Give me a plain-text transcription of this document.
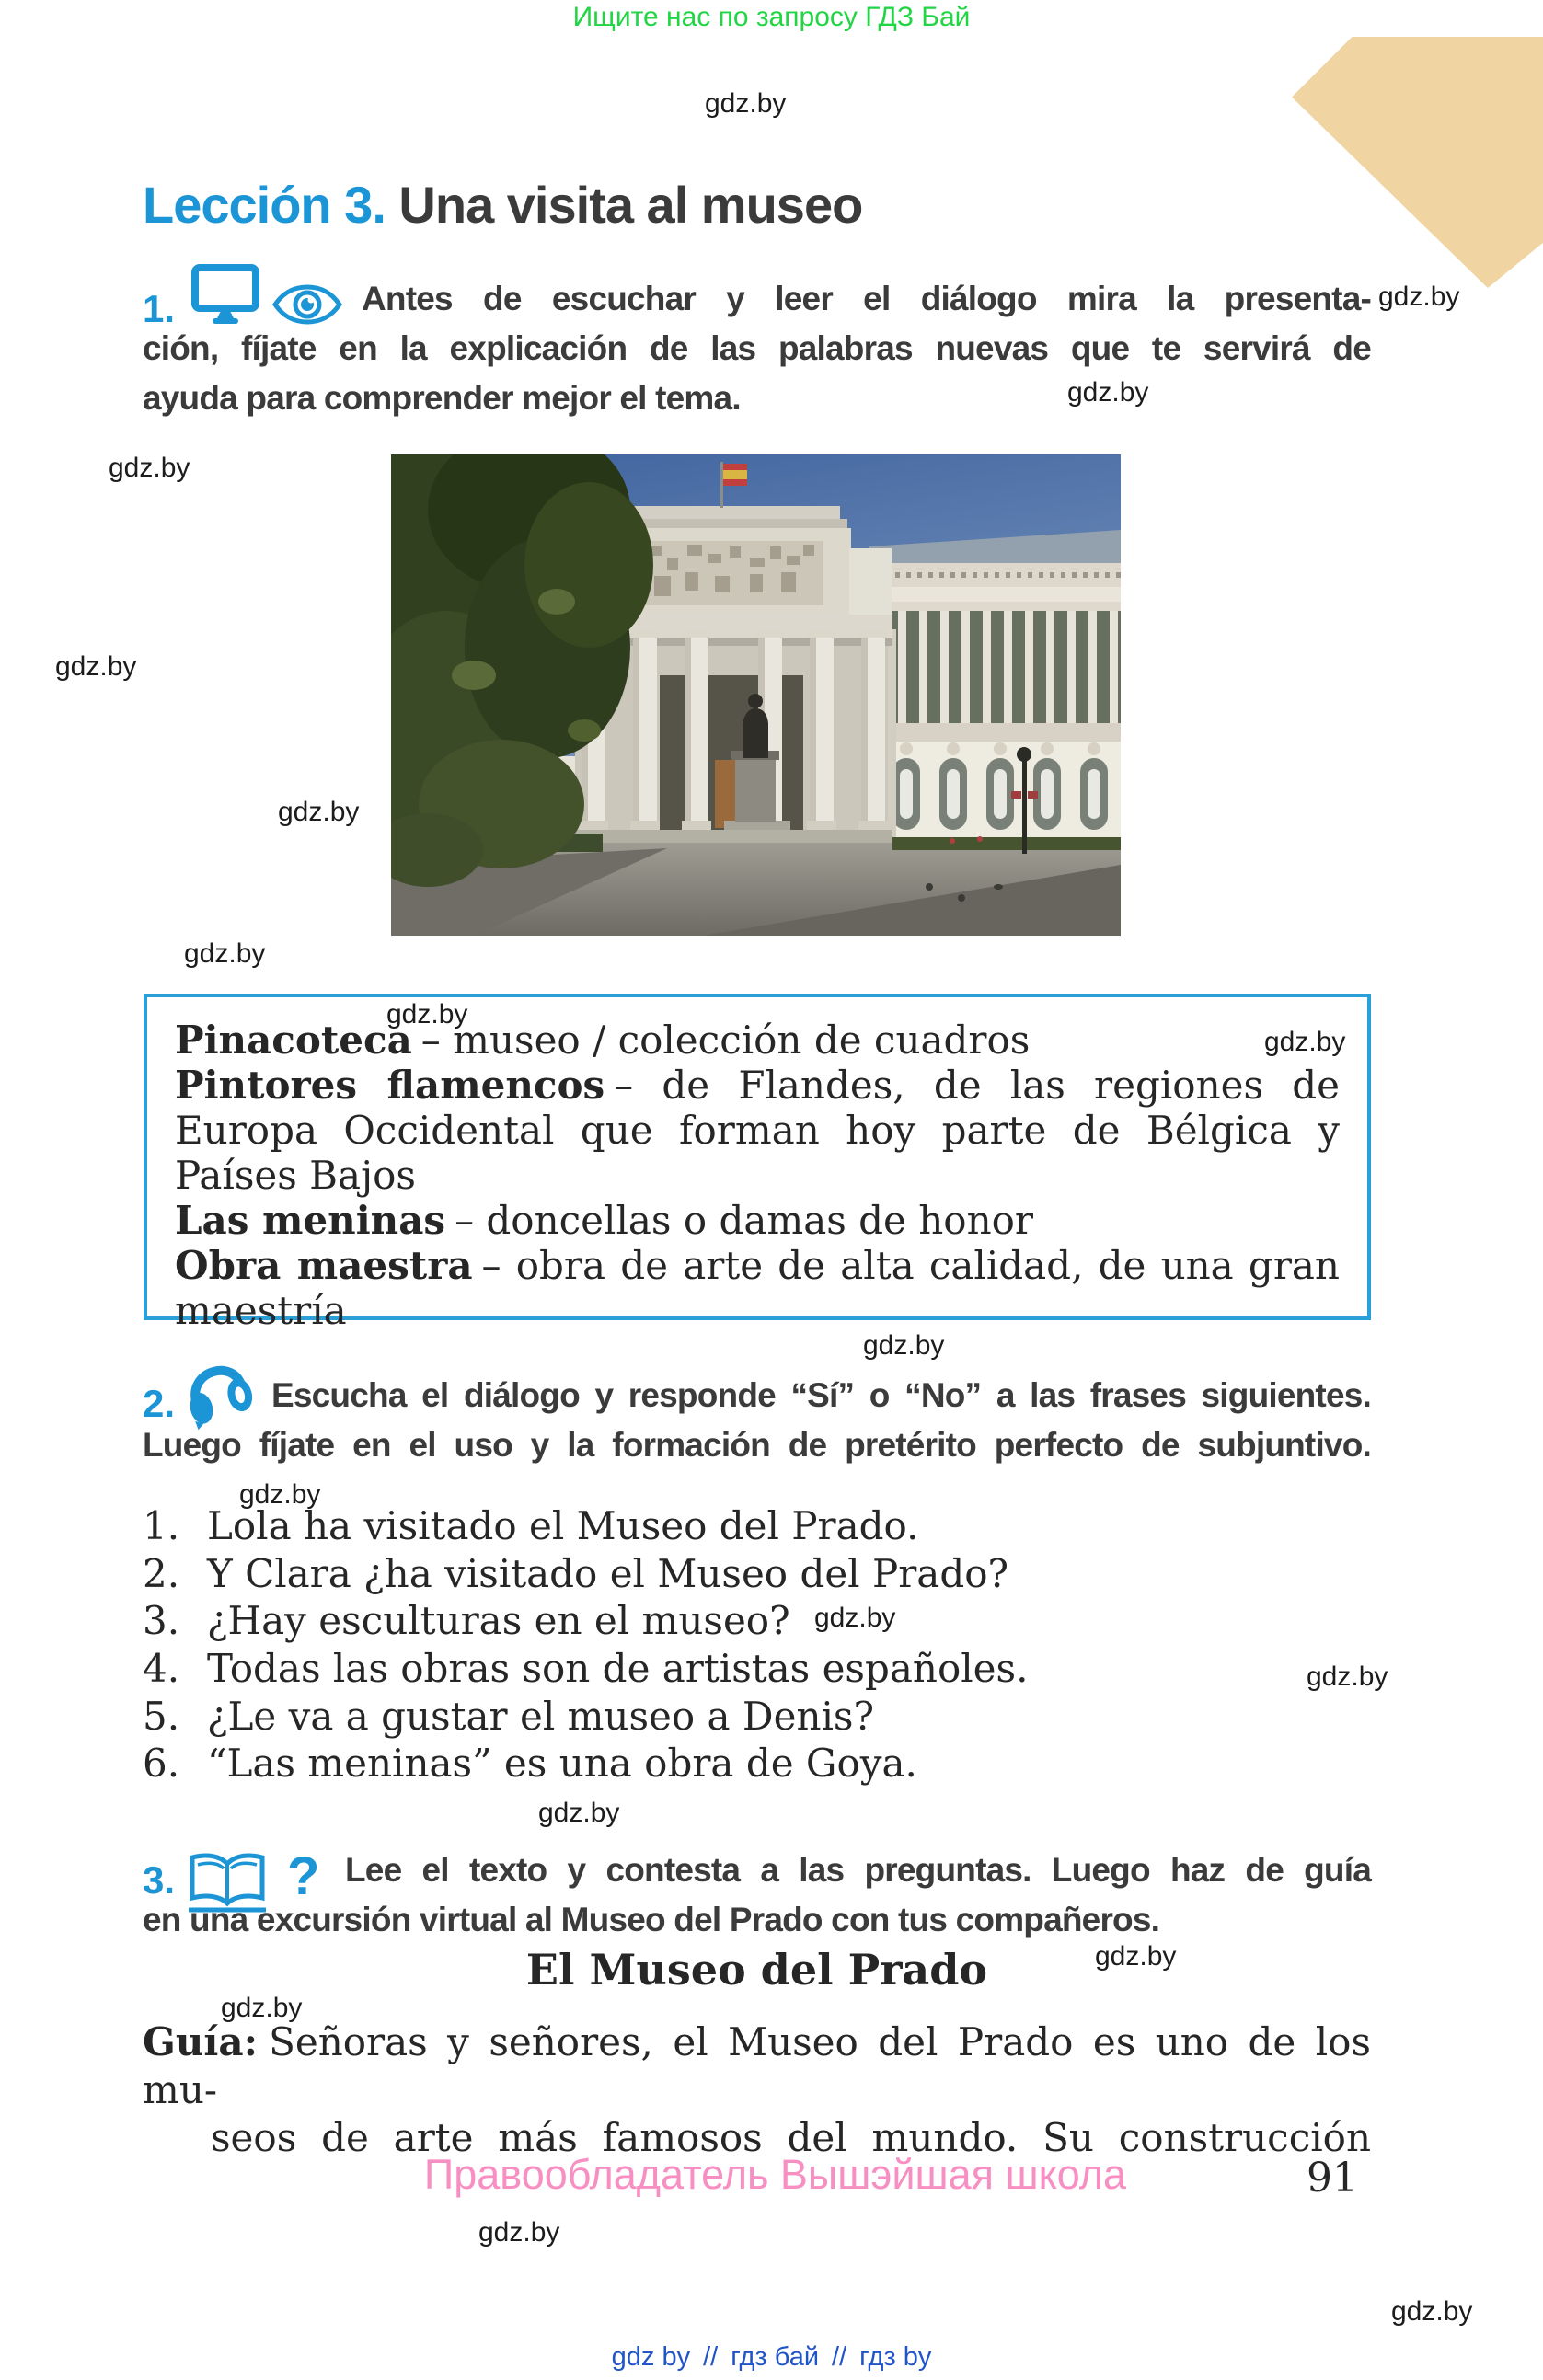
Ищите нас по запросу ГДЗ Бай
gdz.by
gdz.by
gdz.by
gdz.by
gdz.by
gdz.by
gdz.by
gdz.by
gdz.by
gdz.by
gdz.by
gdz.by
gdz.by
gdz.by
gdz.by
gdz.by
gdz.by
gdz.by
Lección 3. Una visita al museo
1.	Antes de escuchar y leer el diálogo mira la presenta-
ción, fíjate en la explicación de las palabras nuevas que te servirá de
ayuda para comprender mejor el tema.

Pinacoteca – museo / colección de cuadros

Pintores flamencos – de Flandes, de las regiones de Europa Occidental que forman hoy parte de Bélgica y Países Bajos

Las meninas – doncellas o damas de honor

Obra maestra – obra de arte de alta calidad, de una gran maestría

2.	Escucha el diálogo y responde “Sí” o “No” a las frases siguientes.
Luego fíjate en el uso y la formación de pretérito perfecto de subjuntivo.
1. Lola ha visitado el Museo del Prado.
2. Y Clara ¿ha visitado el Museo del Prado?
3. ¿Hay esculturas en el museo?
4. Todas las obras son de artistas españoles.
5. ¿Le va a gustar el museo a Denis?
6. “Las meninas” es una obra de Goya.
3. ? Lee el texto y contesta a las preguntas. Luego haz de guía
en una excursión virtual al Museo del Prado con tus compañeros.
El Museo del Prado
Guía: Señoras y señores, el Museo del Prado es uno de los mu-
seos de arte más famosos del mundo. Su construcción
Правообладатель Вышэйшая школа	91
gdz by // гдз бай // гдз by
